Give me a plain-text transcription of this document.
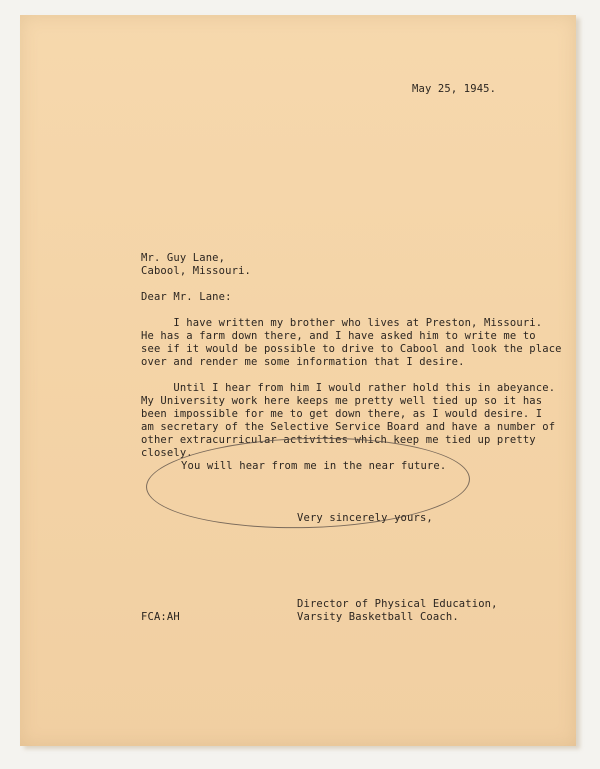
May 25, 1945.
Mr. Guy Lane,
Cabool, Missouri.
Dear Mr. Lane:
I have written my brother who lives at Preston, Missouri.
He has a farm down there, and I have asked him to write me to
see if it would be possible to drive to Cabool and look the place
over and render me some information that I desire.
Until I hear from him I would rather hold this in abeyance.
My University work here keeps me pretty well tied up so it has
been impossible for me to get down there, as I would desire. I
am secretary of the Selective Service Board and have a number of
other extracurricular activities which keep me tied up pretty
closely.
You will hear from me in the near future.
Very sincerely yours,
Director of Physical Education,
Varsity Basketball Coach.
FCA:AH
